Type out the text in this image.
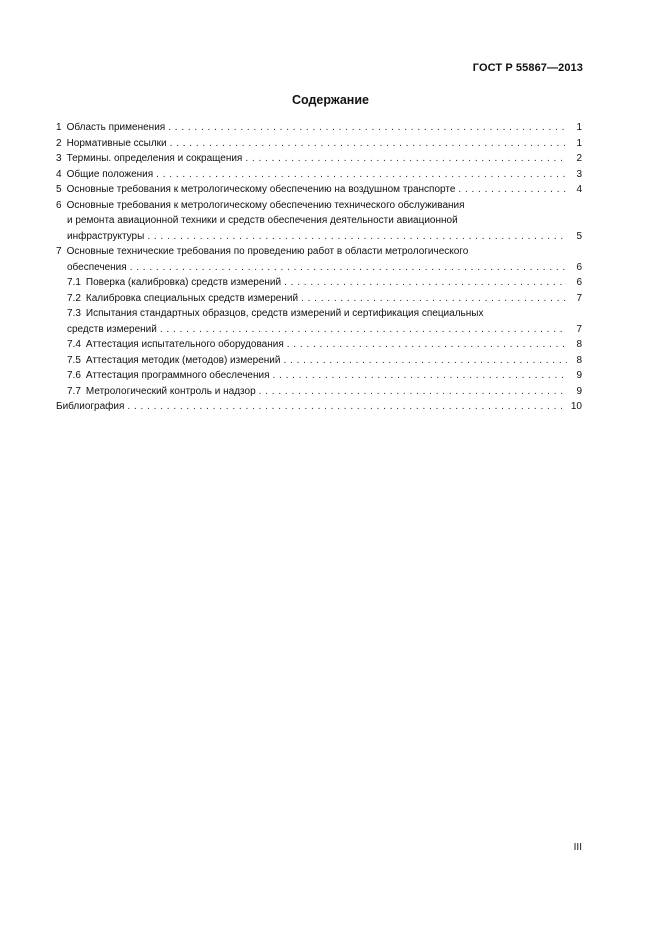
ГОСТ Р 55867—2013
Содержание
1 Область применения . . .	1
2 Нормативные ссылки . . .	1
3 Термины. определения и сокращения . . .	2
4 Общие положения . . .	3
5 Основные требования к метрологическому обеспечению на воздушном транспорте . . .	4
6 Основные требования к метрологическому обеспечению технического обслуживания
и ремонта авиационной техники и средств обеспечения деятельности авиационной
инфраструктуры . . .	5
7 Основные технические требования по проведению работ в области метрологического
обеспечения . . .	6
7.1 Поверка (калибровка) средств измерений . . .	6
7.2 Калибровка специальных средств измерений . . .	7
7.3 Испытания стандартных образцов, средств измерений и сертификация специальных
средств измерений . . .	7
7.4 Аттестация испытательного оборудования . . .	8
7.5 Аттестация методик (методов) измерений . . .	8
7.6 Аттестация программного обеслечения . . .	9
7.7 Метрологический контроль и надзор . . .	9
Библиография . . .	10
III
